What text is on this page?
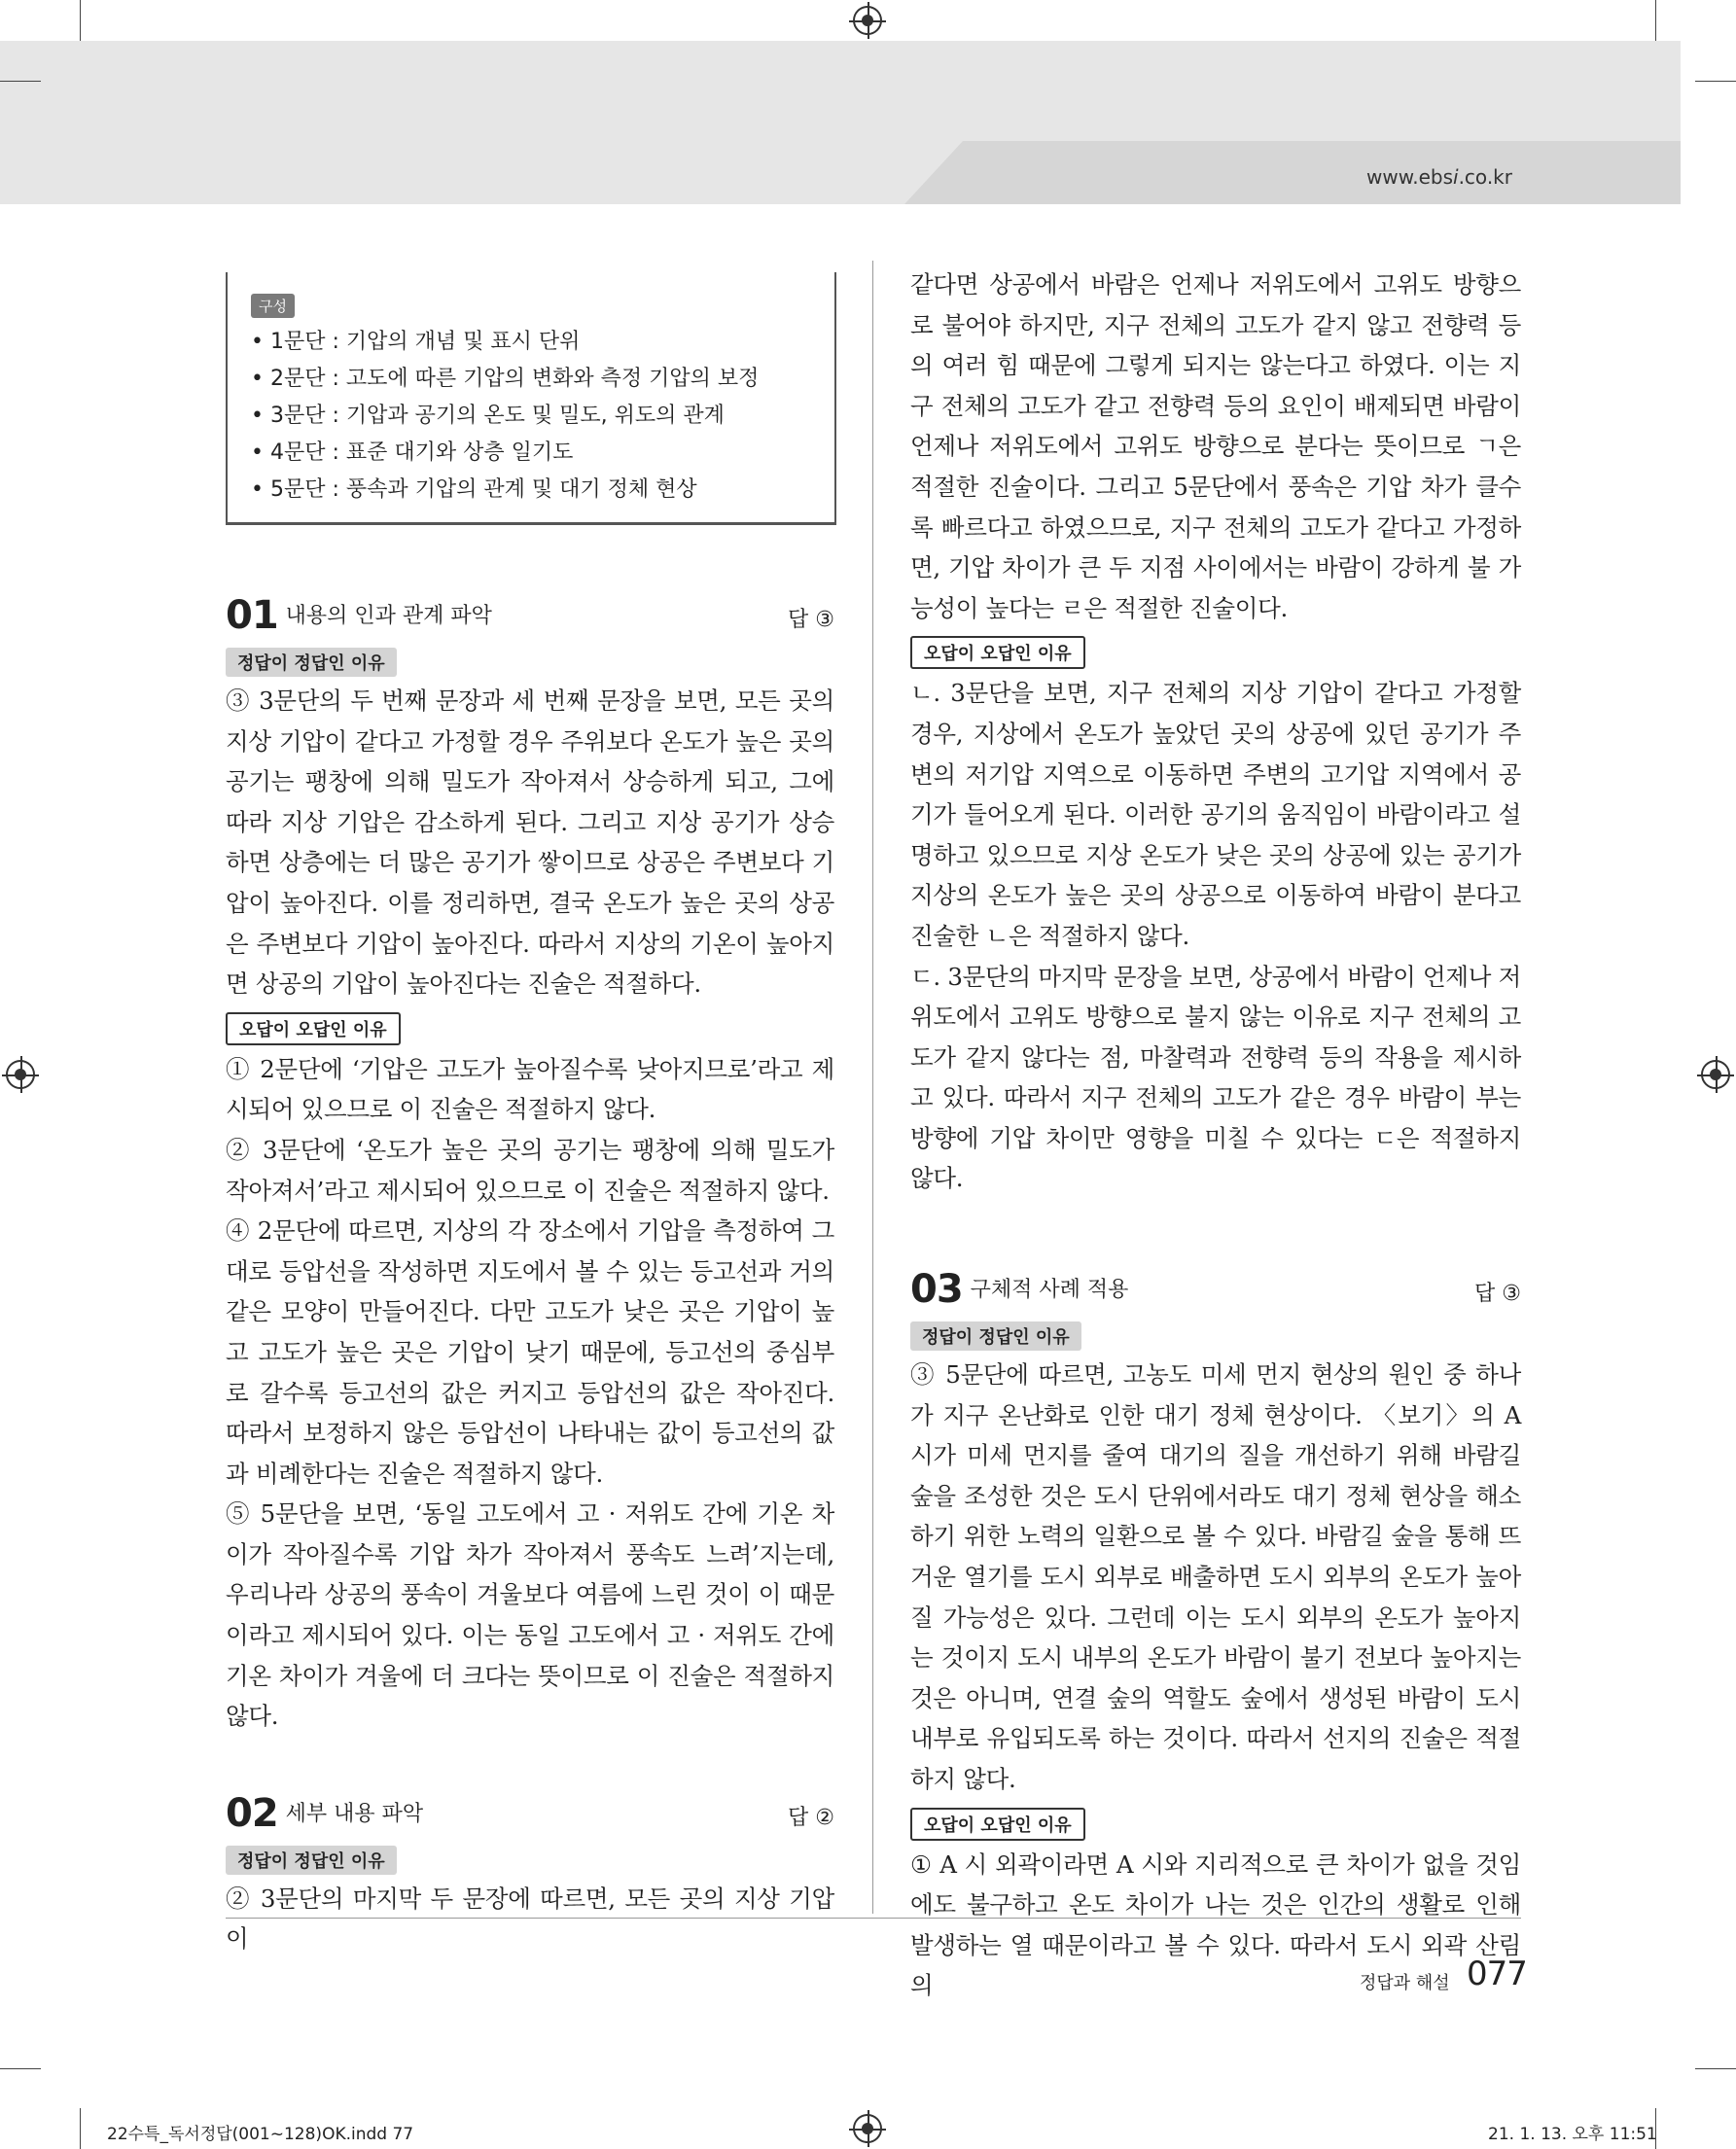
www.ebsi.co.kr
구성
• 1문단 : 기압의 개념 및 표시 단위
• 2문단 : 고도에 따른 기압의 변화와 측정 기압의 보정
• 3문단 : 기압과 공기의 온도 및 밀도, 위도의 관계
• 4문단 : 표준 대기와 상층 일기도
• 5문단 : 풍속과 기압의 관계 및 대기 정체 현상
01 내용의 인과 관계 파악	답 ③
정답이 정답인 이유

③ 3문단의 두 번째 문장과 세 번째 문장을 보면, 모든 곳의 지상 기압이 같다고 가정할 경우 주위보다 온도가 높은 곳의 공기는 팽창에 의해 밀도가 작아져서 상승하게 되고, 그에 따라 지상 기압은 감소하게 된다. 그리고 지상 공기가 상승하면 상층에는 더 많은 공기가 쌓이므로 상공은 주변보다 기압이 높아진다. 이를 정리하면, 결국 온도가 높은 곳의 상공은 주변보다 기압이 높아진다. 따라서 지상의 기온이 높아지면 상공의 기압이 높아진다는 진술은 적절하다.

오답이 오답인 이유

① 2문단에 ‘기압은 고도가 높아질수록 낮아지므로’라고 제시되어 있으므로 이 진술은 적절하지 않다.

② 3문단에 ‘온도가 높은 곳의 공기는 팽창에 의해 밀도가 작아져서’라고 제시되어 있으므로 이 진술은 적절하지 않다.

④ 2문단에 따르면, 지상의 각 장소에서 기압을 측정하여 그대로 등압선을 작성하면 지도에서 볼 수 있는 등고선과 거의 같은 모양이 만들어진다. 다만 고도가 낮은 곳은 기압이 높고 고도가 높은 곳은 기압이 낮기 때문에, 등고선의 중심부로 갈수록 등고선의 값은 커지고 등압선의 값은 작아진다. 따라서 보정하지 않은 등압선이 나타내는 값이 등고선의 값과 비례한다는 진술은 적절하지 않다.

⑤ 5문단을 보면, ‘동일 고도에서 고 · 저위도 간에 기온 차이가 작아질수록 기압 차가 작아져서 풍속도 느려’지는데, 우리나라 상공의 풍속이 겨울보다 여름에 느린 것이 이 때문이라고 제시되어 있다. 이는 동일 고도에서 고 · 저위도 간에 기온 차이가 겨울에 더 크다는 뜻이므로 이 진술은 적절하지 않다.

02 세부 내용 파악	답 ②
정답이 정답인 이유

② 3문단의 마지막 두 문장에 따르면, 모든 곳의 지상 기압이

같다면 상공에서 바람은 언제나 저위도에서 고위도 방향으로 불어야 하지만, 지구 전체의 고도가 같지 않고 전향력 등의 여러 힘 때문에 그렇게 되지는 않는다고 하였다. 이는 지구 전체의 고도가 같고 전향력 등의 요인이 배제되면 바람이 언제나 저위도에서 고위도 방향으로 분다는 뜻이므로 ㄱ은 적절한 진술이다. 그리고 5문단에서 풍속은 기압 차가 클수록 빠르다고 하였으므로, 지구 전체의 고도가 같다고 가정하면, 기압 차이가 큰 두 지점 사이에서는 바람이 강하게 불 가능성이 높다는 ㄹ은 적절한 진술이다.

오답이 오답인 이유

ㄴ. 3문단을 보면, 지구 전체의 지상 기압이 같다고 가정할 경우, 지상에서 온도가 높았던 곳의 상공에 있던 공기가 주변의 저기압 지역으로 이동하면 주변의 고기압 지역에서 공기가 들어오게 된다. 이러한 공기의 움직임이 바람이라고 설명하고 있으므로 지상 온도가 낮은 곳의 상공에 있는 공기가 지상의 온도가 높은 곳의 상공으로 이동하여 바람이 분다고 진술한 ㄴ은 적절하지 않다.

ㄷ. 3문단의 마지막 문장을 보면, 상공에서 바람이 언제나 저위도에서 고위도 방향으로 불지 않는 이유로 지구 전체의 고도가 같지 않다는 점, 마찰력과 전향력 등의 작용을 제시하고 있다. 따라서 지구 전체의 고도가 같은 경우 바람이 부는 방향에 기압 차이만 영향을 미칠 수 있다는 ㄷ은 적절하지 않다.

03 구체적 사례 적용	답 ③
정답이 정답인 이유

③ 5문단에 따르면, 고농도 미세 먼지 현상의 원인 중 하나가 지구 온난화로 인한 대기 정체 현상이다. 〈보기〉의 A 시가 미세 먼지를 줄여 대기의 질을 개선하기 위해 바람길 숲을 조성한 것은 도시 단위에서라도 대기 정체 현상을 해소하기 위한 노력의 일환으로 볼 수 있다. 바람길 숲을 통해 뜨거운 열기를 도시 외부로 배출하면 도시 외부의 온도가 높아질 가능성은 있다. 그런데 이는 도시 외부의 온도가 높아지는 것이지 도시 내부의 온도가 바람이 불기 전보다 높아지는 것은 아니며, 연결 숲의 역할도 숲에서 생성된 바람이 도시 내부로 유입되도록 하는 것이다. 따라서 선지의 진술은 적절하지 않다.

오답이 오답인 이유

① A 시 외곽이라면 A 시와 지리적으로 큰 차이가 없을 것임에도 불구하고 온도 차이가 나는 것은 인간의 생활로 인해 발생하는 열 때문이라고 볼 수 있다. 따라서 도시 외곽 산림의	정답과 해설 077
22수특_독서정답(001~128)OK.indd 77	21. 1. 13. 오후 11:51
